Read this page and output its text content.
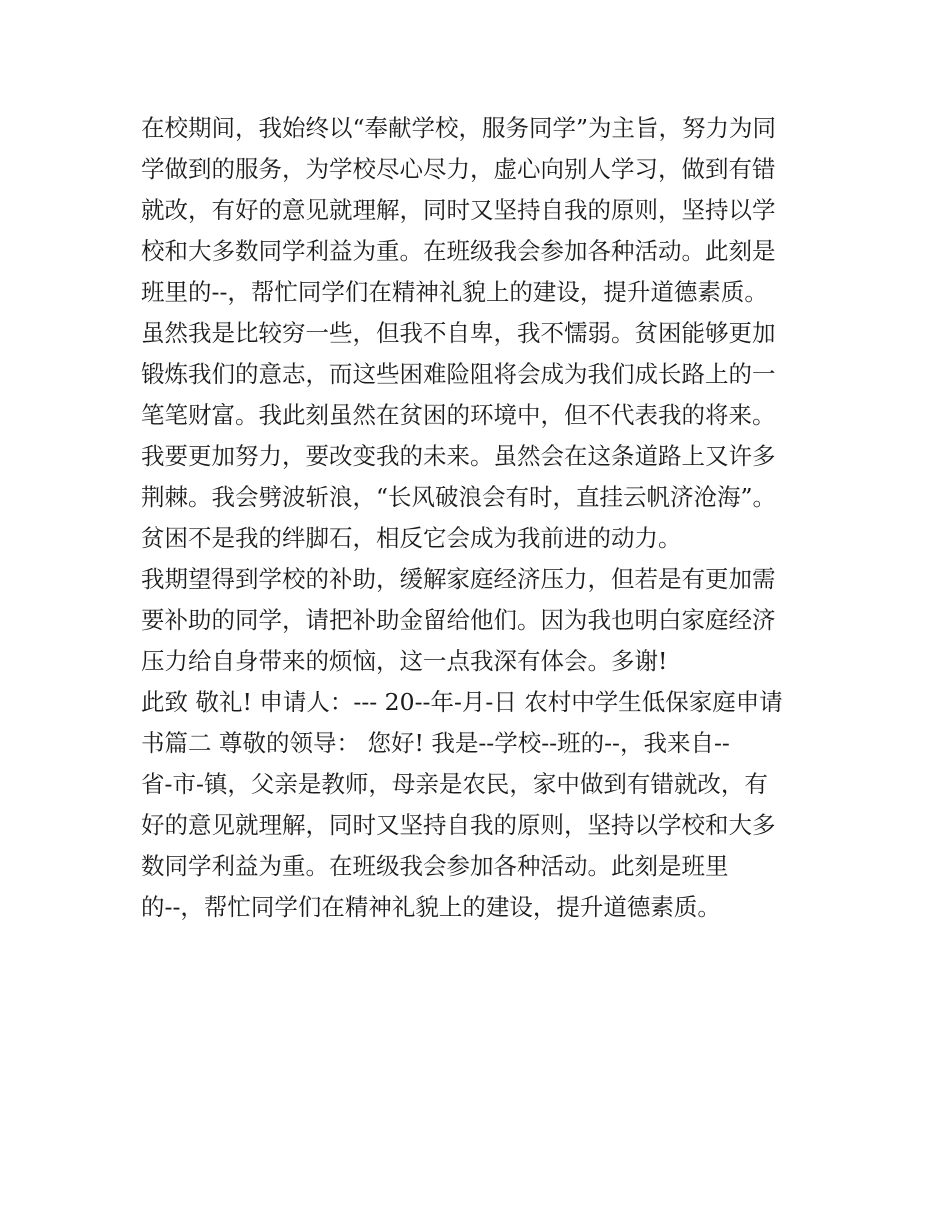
在校期间，我始终以“奉献学校，服务同学”为主旨，努力为同
学做到的服务，为学校尽心尽力，虚心向别人学习，做到有错
就改，有好的意见就理解，同时又坚持自我的原则，坚持以学
校和大多数同学利益为重。在班级我会参加各种活动。此刻是
班里的--，帮忙同学们在精神礼貌上的建设，提升道德素质。
虽然我是比较穷一些，但我不自卑，我不懦弱。贫困能够更加
锻炼我们的意志，而这些困难险阻将会成为我们成长路上的一
笔笔财富。我此刻虽然在贫困的环境中，但不代表我的将来。
我要更加努力，要改变我的未来。虽然会在这条道路上又许多
荆棘。我会劈波斩浪，“长风破浪会有时，直挂云帆济沧海”。
贫困不是我的绊脚石，相反它会成为我前进的动力。
我期望得到学校的补助，缓解家庭经济压力，但若是有更加需
要补助的同学，请把补助金留给他们。因为我也明白家庭经济
压力给自身带来的烦恼，这一点我深有体会。多谢!
此致 敬礼! 申请人：--- 20--年-月-日 农村中学生低保家庭申请
书篇二 尊敬的领导： 您好! 我是--学校--班的--，我来自--
省-市-镇，父亲是教师，母亲是农民，家中做到有错就改，有
好的意见就理解，同时又坚持自我的原则，坚持以学校和大多
数同学利益为重。在班级我会参加各种活动。此刻是班里
的--，帮忙同学们在精神礼貌上的建设，提升道德素质。
